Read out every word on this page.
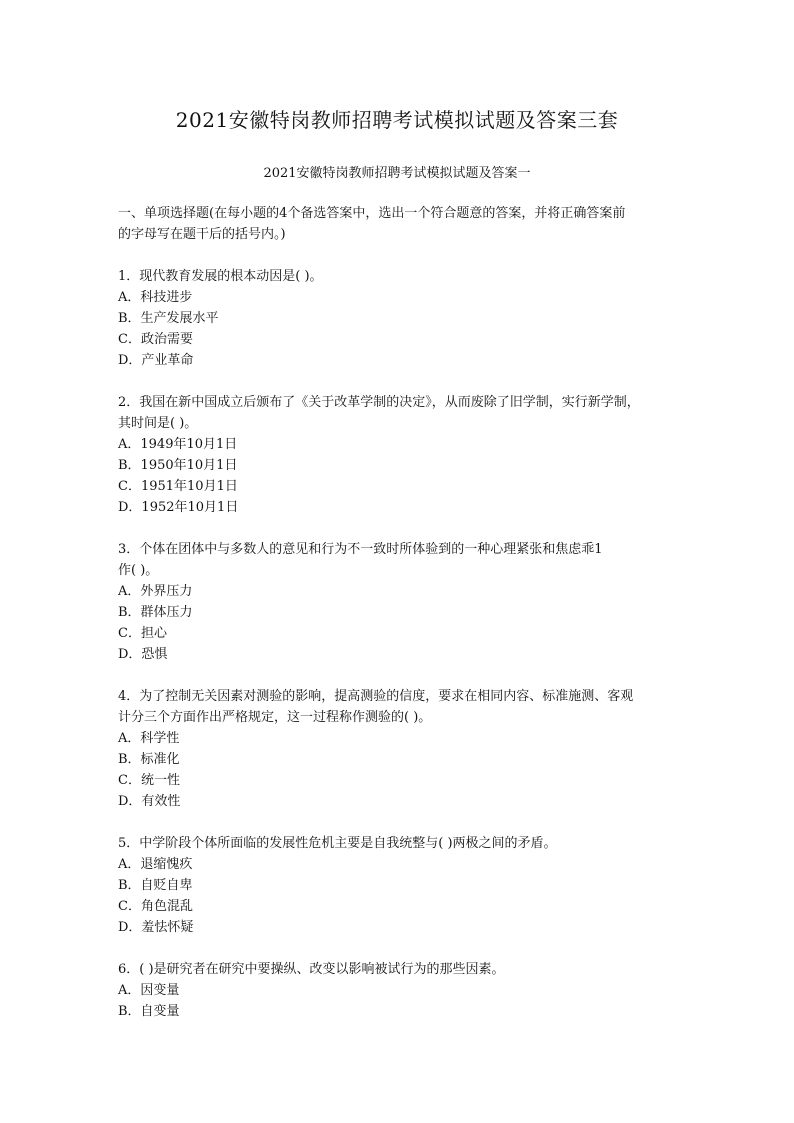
2021安徽特岗教师招聘考试模拟试题及答案三套
2021安徽特岗教师招聘考试模拟试题及答案一
一、单项选择题(在每小题的4个备选答案中，选出一个符合题意的答案，并将正确答案前
的字母写在题干后的括号内。)
1．现代教育发展的根本动因是( )。
A．科技进步
B．生产发展水平
C．政治需要
D．产业革命
2．我国在新中国成立后颁布了《关于改革学制的决定》，从而废除了旧学制，实行新学制，
其时间是( )。
A．1949年10月1日
B．1950年10月1日
C．1951年10月1日
D．1952年10月1日
3．个体在团体中与多数人的意见和行为不一致时所体验到的一种心理紧张和焦虑乖1
作( )。
A．外界压力
B．群体压力
C．担心
D．恐惧
4．为了控制无关因素对测验的影响，提高测验的信度，要求在相同内容、标准施测、客观
计分三个方面作出严格规定，这一过程称作测验的( )。
A．科学性
B．标准化
C．统一性
D．有效性
5．中学阶段个体所面临的发展性危机主要是自我统整与( )两极之间的矛盾。
A．退缩愧疚
B．自贬自卑
C．角色混乱
D．羞怯怀疑
6．( )是研究者在研究中要操纵、改变以影响被试行为的那些因素。
A．因变量
B．自变量
